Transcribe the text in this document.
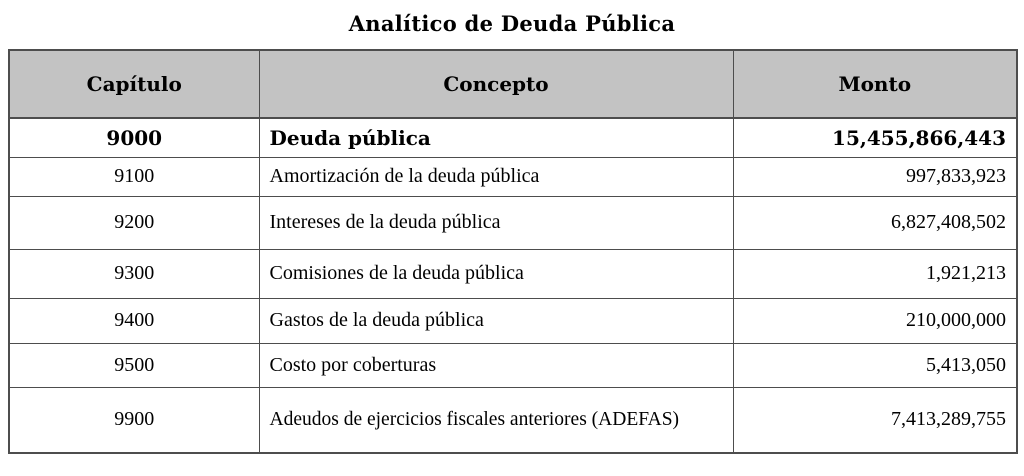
Analítico de Deuda Pública
Capítulo	Concepto	Monto
9000	Deuda pública	15,455,866,443
9100	Amortización de la deuda pública	997,833,923
9200	Intereses de la deuda pública	6,827,408,502
9300	Comisiones de la deuda pública	1,921,213
9400	Gastos de la deuda pública	210,000,000
9500	Costo por coberturas	5,413,050
9900	Adeudos de ejercicios fiscales anteriores (ADEFAS)	7,413,289,755
